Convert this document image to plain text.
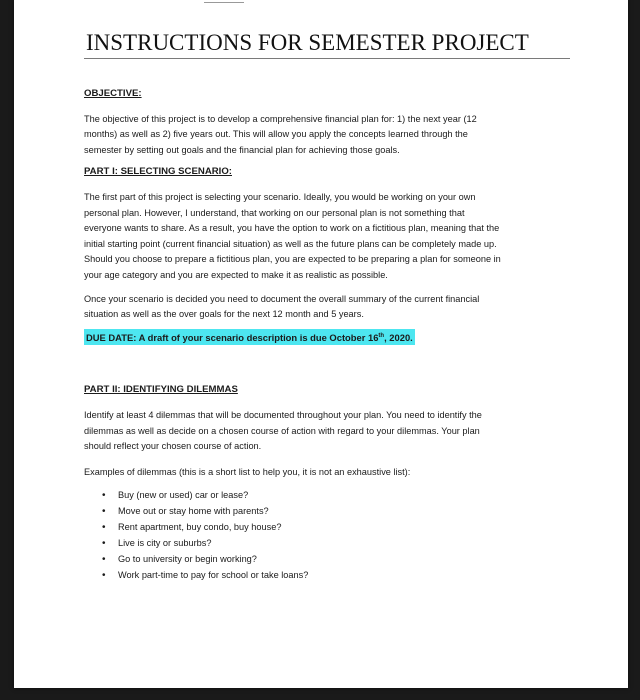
INSTRUCTIONS FOR SEMESTER PROJECT

OBJECTIVE:

The objective of this project is to develop a comprehensive financial plan for: 1) the next year (12
months) as well as 2) five years out. This will allow you apply the concepts learned through the
semester by setting out goals and the financial plan for achieving those goals.

PART I: SELECTING SCENARIO:

The first part of this project is selecting your scenario. Ideally, you would be working on your own
personal plan. However, I understand, that working on our personal plan is not something that
everyone wants to share. As a result, you have the option to work on a fictitious plan, meaning that the
initial starting point (current financial situation) as well as the future plans can be completely made up.
Should you choose to prepare a fictitious plan, you are expected to be preparing a plan for someone in
your age category and you are expected to make it as realistic as possible.
Once your scenario is decided you need to document the overall summary of the current financial
situation as well as the over goals for the next 12 month and 5 years.
DUE DATE: A draft of your scenario description is due October 16th, 2020.

PART II: IDENTIFYING DILEMMAS

Identify at least 4 dilemmas that will be documented throughout your plan. You need to identify the
dilemmas as well as decide on a chosen course of action with regard to your dilemmas. Your plan
should reflect your chosen course of action.

Examples of dilemmas (this is a short list to help you, it is not an exhaustive list):

• Buy (new or used) car or lease?
• Move out or stay home with parents?
• Rent apartment, buy condo, buy house?
• Live is city or suburbs?
• Go to university or begin working?
• Work part-time to pay for school or take loans?
